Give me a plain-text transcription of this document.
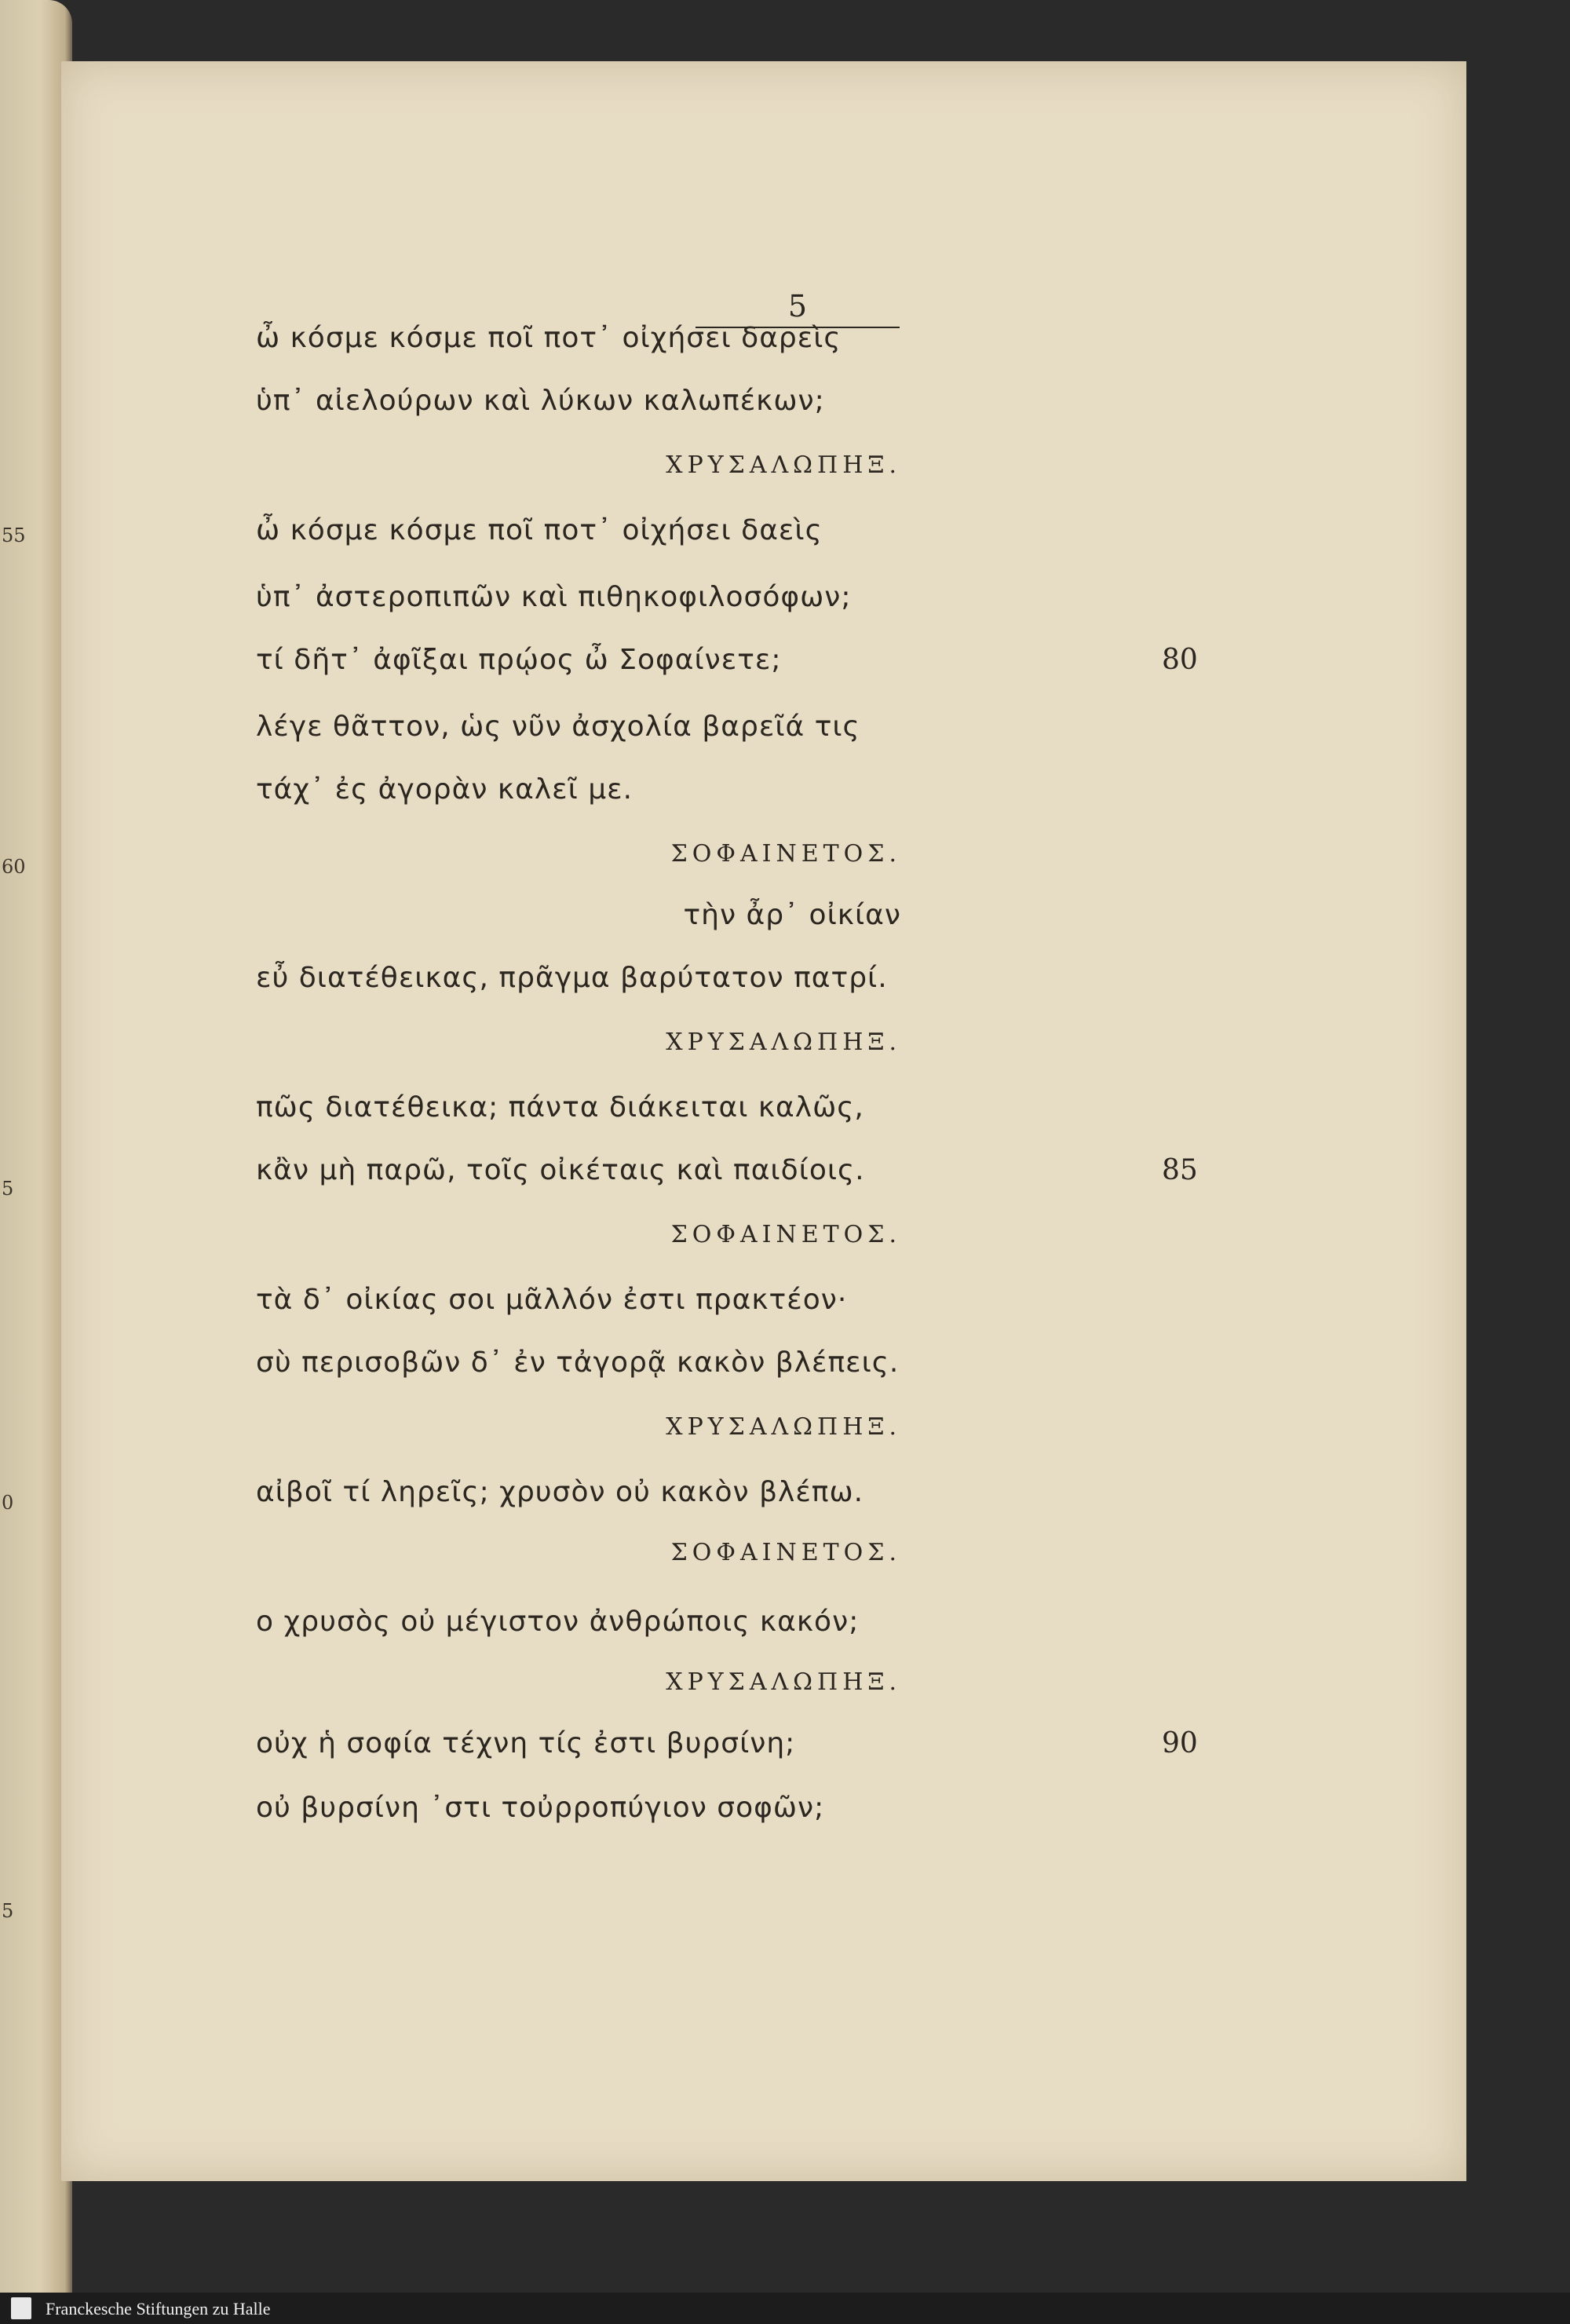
55
60
5
0
5
5
ὦ κόσμε κόσμε ποῖ ποτ᾽ οἰχήσει δαρεὶς
ὑπ᾽ αἰελούρων καὶ λύκων καλωπέκων;
ΧΡΥΣΑΛΩΠΗΞ.
ὦ κόσμε κόσμε ποῖ ποτ᾽ οἰχήσει δαεὶς
ὑπ᾽ ἀστεροπιπῶν καὶ πιθηκοφιλοσόφων;
τί δῆτ᾽ ἀφῖξαι πρῴος ὦ Σοφαίνετε;	80
λέγε θᾶττον, ὡς νῦν ἀσχολία βαρεῖά τις
τάχ᾽ ἐς ἀγορὰν καλεῖ με.
ΣΟΦΑΙΝΕΤΟΣ.
τὴν ἆρ᾽ οἰκίαν
εὖ διατέθεικας, πρᾶγμα βαρύτατον πατρί.
ΧΡΥΣΑΛΩΠΗΞ.
πῶς διατέθεικα; πάντα διάκειται καλῶς,
κἂν μὴ παρῶ, τοῖς οἰκέταις καὶ παιδίοις.	85
ΣΟΦΑΙΝΕΤΟΣ.
τὰ δ᾽ οἰκίας σοι μᾶλλόν ἐστι πρακτέον·
σὺ περισοβῶν δ᾽ ἐν τἀγορᾷ κακὸν βλέπεις.
ΧΡΥΣΑΛΩΠΗΞ.
αἰβοῖ τί ληρεῖς; χρυσὸν οὐ κακὸν βλέπω.
ΣΟΦΑΙΝΕΤΟΣ.
ο χρυσὸς οὐ μέγιστον ἀνθρώποις κακόν;
ΧΡΥΣΑΛΩΠΗΞ.
οὐχ ἡ σοφία τέχνη τίς ἐστι βυρσίνη;	90
οὐ βυρσίνη ᾽στι τοὐρροπύγιον σοφῶν;
Franckesche Stiftungen zu Halle
